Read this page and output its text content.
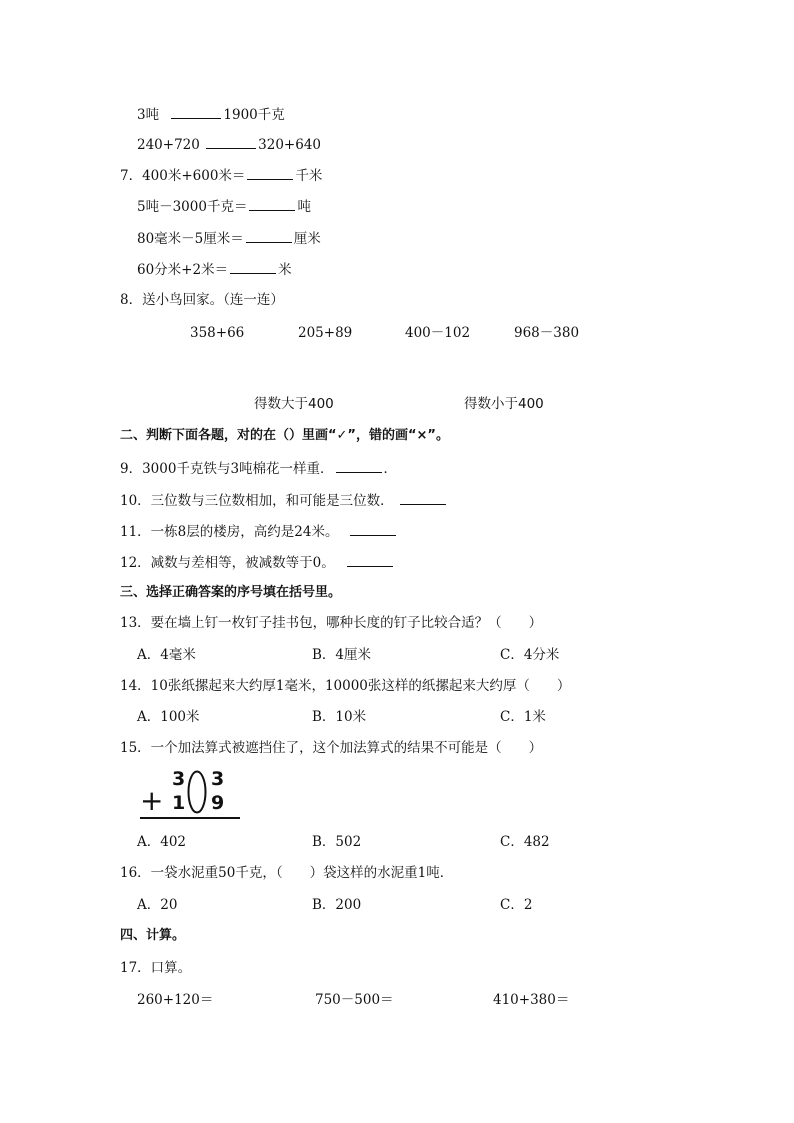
3吨	1900千克
240+720	320+640
7．400米+600米＝	千米
5吨－3000千克＝	吨
80毫米－5厘米＝	厘米
60分米+2米＝	米
8．送小鸟回家。（连一连）
358+66	205+89	400－102	968－380
得数大于400	得数小于400
二、判断下面各题，对的在（）里画“✓”，错的画“×”。
9．3000千克铁与3吨棉花一样重．	．
10．三位数与三位数相加，和可能是三位数．
11．一栋8层的楼房，高约是24米。
12．减数与差相等，被减数等于0。
三、选择正确答案的序号填在括号里。
13．要在墙上钉一枚钉子挂书包，哪种长度的钉子比较合适？（　　）
A．4毫米	B．4厘米	C．4分米
14．10张纸摞起来大约厚1毫米，10000张这样的纸摞起来大约厚（　　）
A．100米	B．10米	C．1米
15．一个加法算式被遮挡住了，这个加法算式的结果不可能是（　　）
3 3
+ 1 9
A．402	B．502	C．482
16．一袋水泥重50千克，（　　）袋这样的水泥重1吨．
A．20	B．200	C．2
四、计算。
17．口算。
260+120＝	750－500＝	410+380＝
